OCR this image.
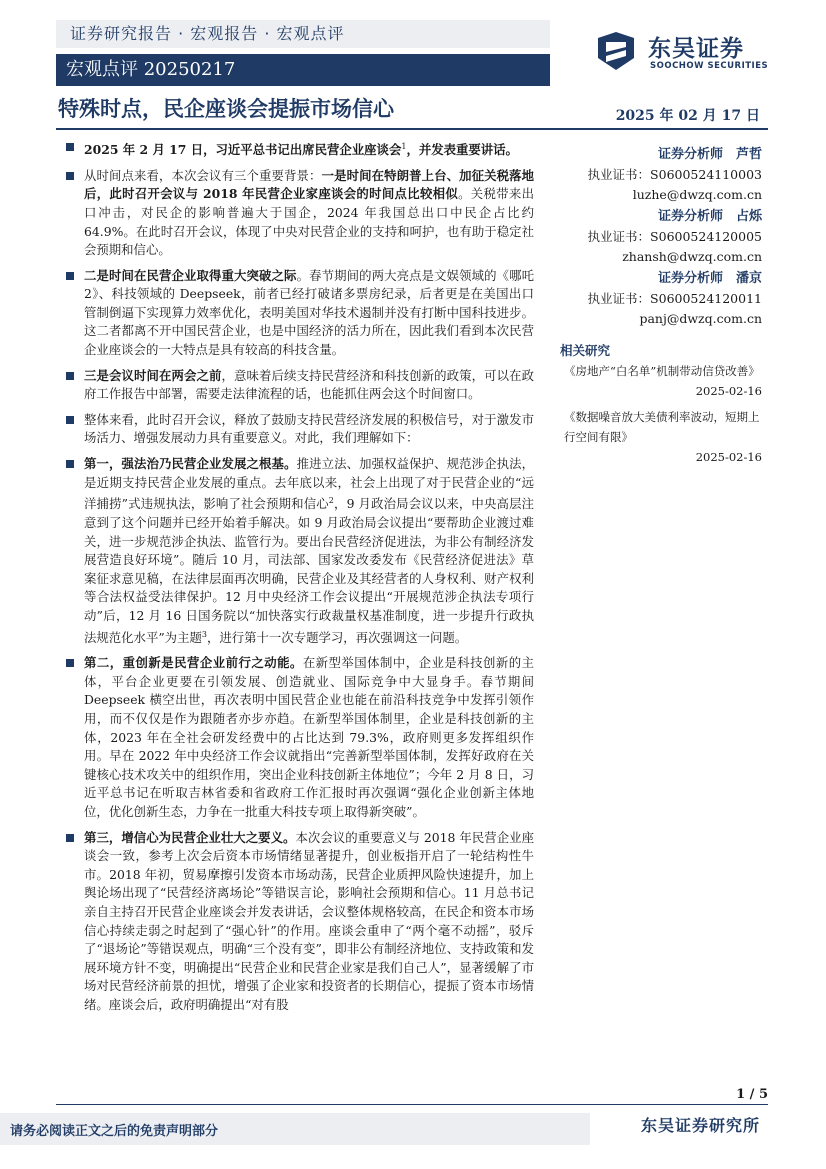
证券研究报告 · 宏观报告 · 宏观点评
宏观点评 20250217
东吴证券
SOOCHOW SECURITIES
特殊时点，民企座谈会提振市场信心	2025 年 02 月 17 日
2025 年 2 月 17 日，习近平总书记出席民营企业座谈会$^1$，并发表重要讲话。
从时间点来看，本次会议有三个重要背景：一是时间在特朗普上台、加征关税落地后，此时召开会议与 2018 年民营企业家座谈会的时间点比较相似。关税带来出口冲击，对民企的影响普遍大于国企，2024 年我国总出口中民企占比约 64.9%。在此时召开会议，体现了中央对民营企业的支持和呵护，也有助于稳定社会预期和信心。
二是时间在民营企业取得重大突破之际。春节期间的两大亮点是文娱领域的《哪吒 2》、科技领域的 Deepseek，前者已经打破诸多票房纪录，后者更是在美国出口管制倒逼下实现算力效率优化，表明美国对华技术遏制并没有打断中国科技进步。这二者都离不开中国民营企业，也是中国经济的活力所在，因此我们看到本次民营企业座谈会的一大特点是具有较高的科技含量。
三是会议时间在两会之前，意味着后续支持民营经济和科技创新的政策，可以在政府工作报告中部署，需要走法律流程的话，也能抓住两会这个时间窗口。
整体来看，此时召开会议，释放了鼓励支持民营经济发展的积极信号，对于激发市场活力、增强发展动力具有重要意义。对此，我们理解如下：
第一，强法治乃民营企业发展之根基。推进立法、加强权益保护、规范涉企执法，是近期支持民营企业发展的重点。去年底以来，社会上出现了对于民营企业的“远洋捕捞”式违规执法，影响了社会预期和信心$^2$，9 月政治局会议以来，中央高层注意到了这个问题并已经开始着手解决。如 9 月政治局会议提出“要帮助企业渡过难关，进一步规范涉企执法、监管行为。要出台民营经济促进法，为非公有制经济发展营造良好环境”。随后 10 月，司法部、国家发改委发布《民营经济促进法》草案征求意见稿，在法律层面再次明确，民营企业及其经营者的人身权利、财产权利等合法权益受法律保护。12 月中央经济工作会议提出“开展规范涉企执法专项行动”后，12 月 16 日国务院以“加快落实行政裁量权基准制度，进一步提升行政执法规范化水平”为主题$^3$，进行第十一次专题学习，再次强调这一问题。
第二，重创新是民营企业前行之动能。在新型举国体制中，企业是科技创新的主体，平台企业更要在引领发展、创造就业、国际竞争中大显身手。春节期间 Deepseek 横空出世，再次表明中国民营企业也能在前沿科技竞争中发挥引领作用，而不仅仅是作为跟随者亦步亦趋。在新型举国体制里，企业是科技创新的主体，2023 年在全社会研发经费中的占比达到 79.3%，政府则更多发挥组织作用。早在 2022 年中央经济工作会议就指出“完善新型举国体制，发挥好政府在关键核心技术攻关中的组织作用，突出企业科技创新主体地位”；今年 2 月 8 日，习近平总书记在听取吉林省委和省政府工作汇报时再次强调“强化企业创新主体地位，优化创新生态，力争在一批重大科技专项上取得新突破”。
第三，增信心为民营企业壮大之要义。本次会议的重要意义与 2018 年民营企业座谈会一致，参考上次会后资本市场情绪显著提升，创业板指开启了一轮结构性牛市。2018 年初，贸易摩擦引发资本市场动荡，民营企业质押风险快速提升，加上舆论场出现了“民营经济离场论”等错误言论，影响社会预期和信心。11 月总书记亲自主持召开民营企业座谈会并发表讲话，会议整体规格较高，在民企和资本市场信心持续走弱之时起到了“强心针”的作用。座谈会重申了“两个毫不动摇”，驳斥了“退场论”等错误观点，明确“三个没有变”，即非公有制经济地位、支持政策和发展环境方针不变，明确提出“民营企业和民营企业家是我们自己人”，显著缓解了市场对民营经济前景的担忧，增强了企业家和投资者的长期信心，提振了资本市场情绪。座谈会后，政府明确提出“对有股
证券分析师　芦哲
执业证书：S0600524110003
luzhe@dwzq.com.cn
证券分析师　占烁
执业证书：S0600524120005
zhansh@dwzq.com.cn
证券分析师　潘京
执业证书：S0600524120011
panj@dwzq.com.cn
相关研究
《房地产“白名单”机制带动信贷改善》
2025-02-16
《数据噪音放大美债利率波动，短期上行空间有限》
2025-02-16
1 / 5
请务必阅读正文之后的免责声明部分	东吴证券研究所
